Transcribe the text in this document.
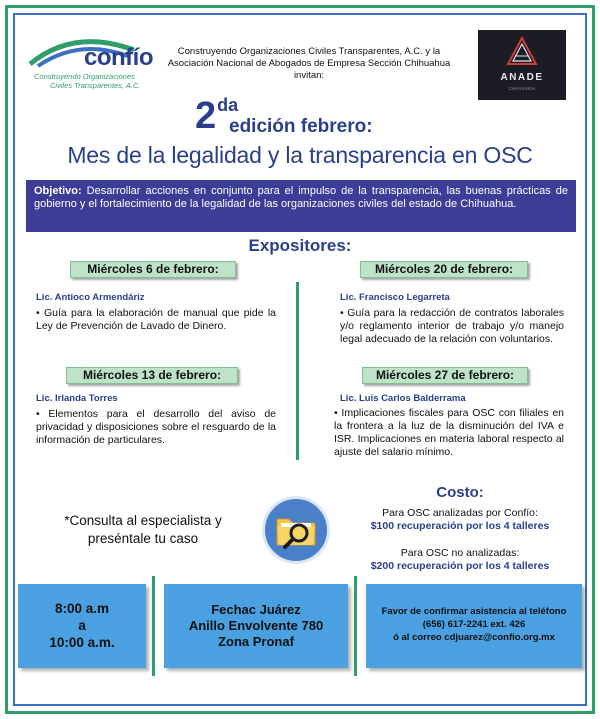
confío
Construyendo Organizaciones
Civiles Transparentes, A.C.
Construyendo Organizaciones Civiles Transparentes, A.C. y la
Asociación Nacional de Abogados de Empresa Sección Chihuahua
invitan:	ANADE
CHIHUAHUA
2da
edición febrero:
Mes de la legalidad y la transparencia en OSC
Objetivo: Desarrollar acciones en conjunto para el impulso de la transparencia, las buenas prácticas de gobierno y el fortalecimiento de la legalidad de las organizaciones civiles del estado de Chihuahua.
Expositores:
Miércoles 6 de febrero:
Lic. Antioco Armendáriz
• Guía para la elaboración de manual que pide la Ley de Prevención de Lavado de Dinero.
Miércoles 20 de febrero:
Lic. Francisco Legarreta
• Guía para la redacción de contratos laborales y/o reglamento interior de trabajo y/o manejo legal adecuado de la relación con voluntarios.
Miércoles 13 de febrero:
Lic. Irlanda Torres
• Elementos para el desarrollo del aviso de privacidad y disposiciones sobre el resguardo de la información de particulares.
Miércoles 27 de febrero:
Lic. Luis Carlos Balderrama
• Implicaciones fiscales para OSC con filiales en la frontera a la luz de la disminución del IVA e ISR. Implicaciones en materia laboral respecto al ajuste del salario mínimo.
*Consulta al especialista y preséntale tu caso
Costo:
Para OSC analizadas por Confío:
$100 recuperación por los 4 talleres
Para OSC no analizadas:
$200 recuperación por los 4 talleres
8:00 a.m
a
10:00 a.m.
Fechac Juárez
Anillo Envolvente 780
Zona Pronaf
Favor de confirmar asistencia al teléfono
(656) 617-2241 ext. 426
ó al correo cdjuarez@confio.org.mx
